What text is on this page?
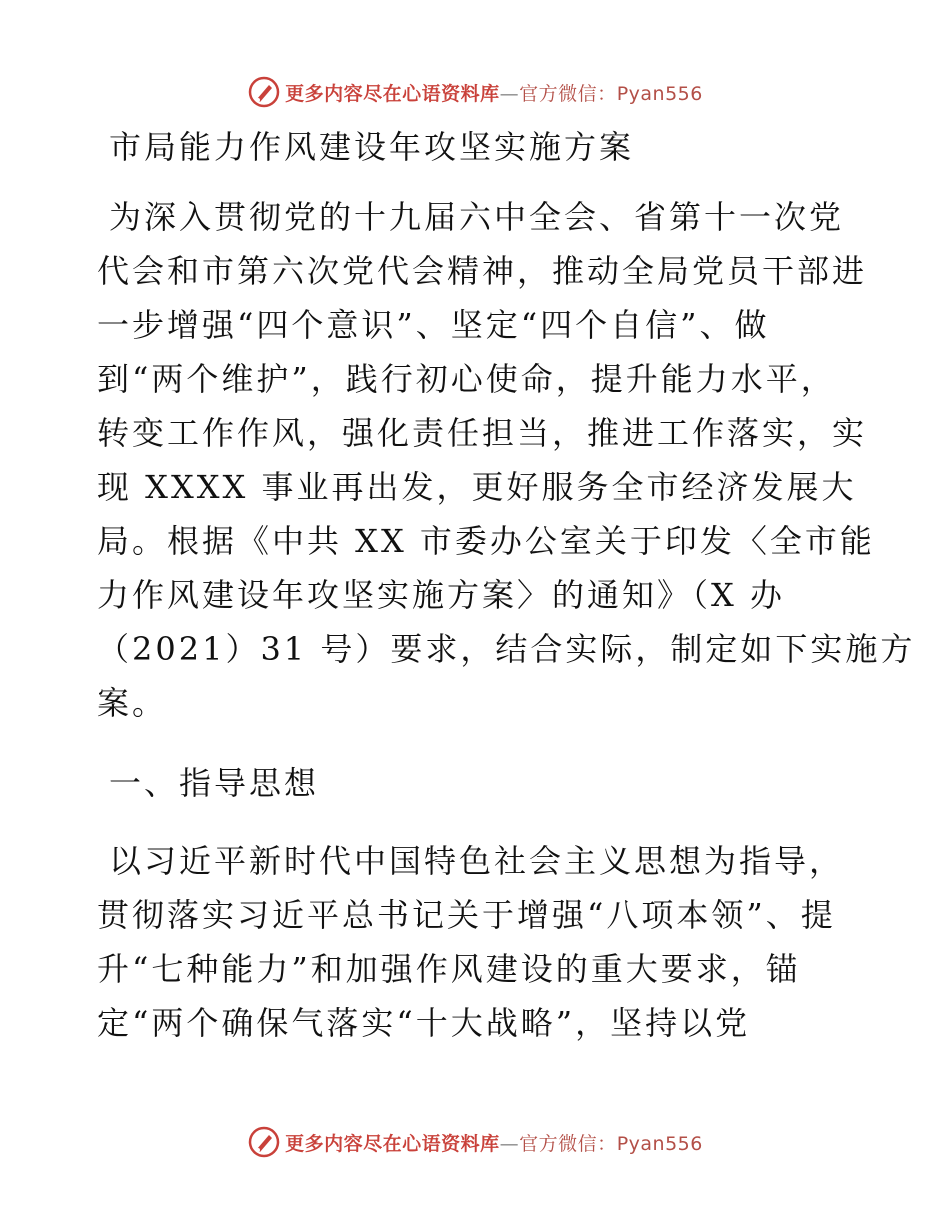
更多内容尽在心语资料库—官方微信：Pyan556
市局能力作风建设年攻坚实施方案
为深入贯彻党的十九届六中全会、省第十一次党
代会和市第六次党代会精神，推动全局党员干部进
一步增强“四个意识”、坚定“四个自信”、做
到“两个维护”，践行初心使命，提升能力水平，
转变工作作风，强化责任担当，推进工作落实，实
现 XXXX 事业再出发，更好服务全市经济发展大
局。根据《中共 XX 市委办公室关于印发〈全市能
力作风建设年攻坚实施方案〉的通知》（X 办
（2021）31 号）要求，结合实际，制定如下实施方
案。
一、指导思想
以习近平新时代中国特色社会主义思想为指导，
贯彻落实习近平总书记关于增强“八项本领”、提
升“七种能力”和加强作风建设的重大要求，锚
定“两个确保气落实“十大战略”，坚持以党
更多内容尽在心语资料库—官方微信：Pyan556
